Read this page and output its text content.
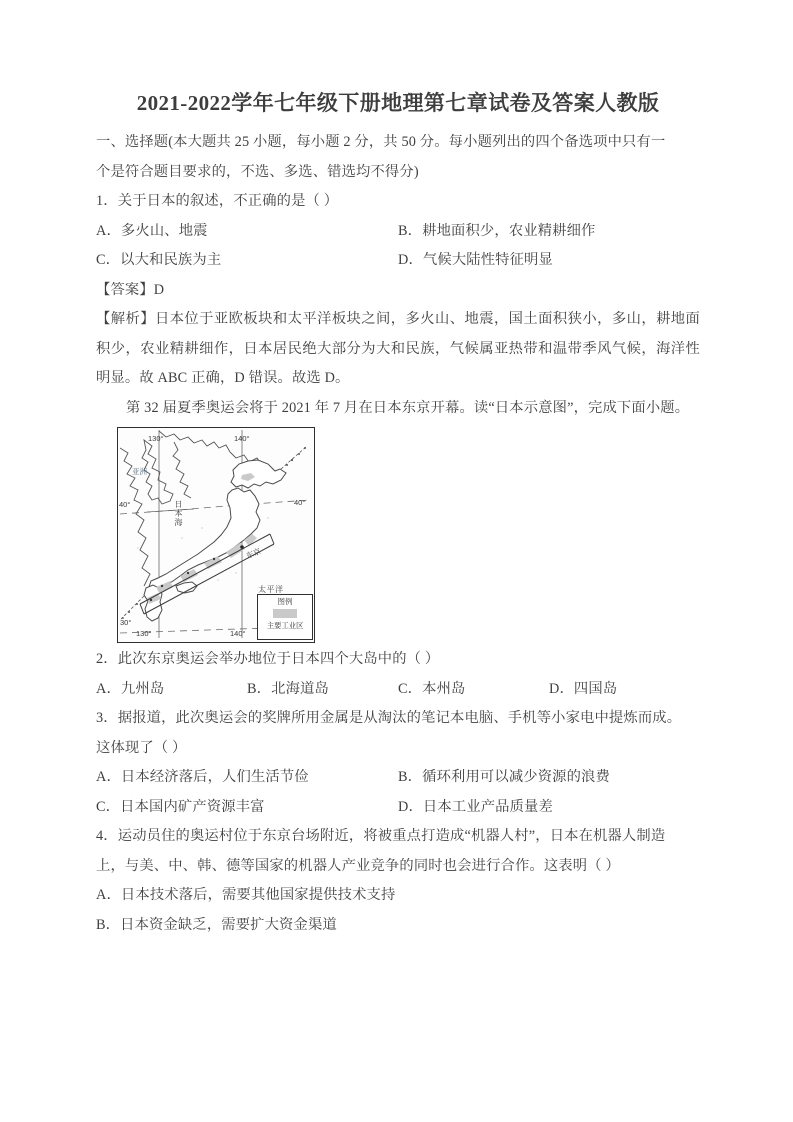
2021-2022学年七年级下册地理第七章试卷及答案人教版

一、选择题(本大题共 25 小题，每小题 2 分，共 50 分。每小题列出的四个备选项中只有一

个是符合题目要求的，不选、多选、错选均不得分)

1．关于日本的叙述，不正确的是（ ）

A．多火山、地震	B．耕地面积少，农业精耕细作
C．以大和民族为主	D．气候大陆性特征明显

【答案】D

【解析】日本位于亚欧板块和太平洋板块之间，多火山、地震，国土面积狭小，多山，耕地面积少，农业精耕细作，日本居民绝大部分为大和民族，气候属亚热带和温带季风气候，海洋性明显。故 ABC 正确，D 错误。故选 D。

第 32 届夏季奥运会将于 2021 年 7 月在日本东京开幕。读“日本示意图”，完成下面小题。

亚洲
130°	140°
40°	40°
30°
130°	140°
日本海
东京
太平洋
图例
主要工业区

2．此次东京奥运会举办地位于日本四个大岛中的（ ）

A．九州岛	B．北海道岛	C．本州岛	D．四国岛

3．据报道，此次奥运会的奖牌所用金属是从淘汰的笔记本电脑、手机等小家电中提炼而成。

这体现了（ ）

A．日本经济落后，人们生活节俭	B．循环利用可以减少资源的浪费
C．日本国内矿产资源丰富	D．日本工业产品质量差

4．运动员住的奥运村位于东京台场附近，将被重点打造成“机器人村”，日本在机器人制造

上，与美、中、韩、德等国家的机器人产业竞争的同时也会进行合作。这表明（ ）

A．日本技术落后，需要其他国家提供技术支持
B．日本资金缺乏，需要扩大资金渠道
